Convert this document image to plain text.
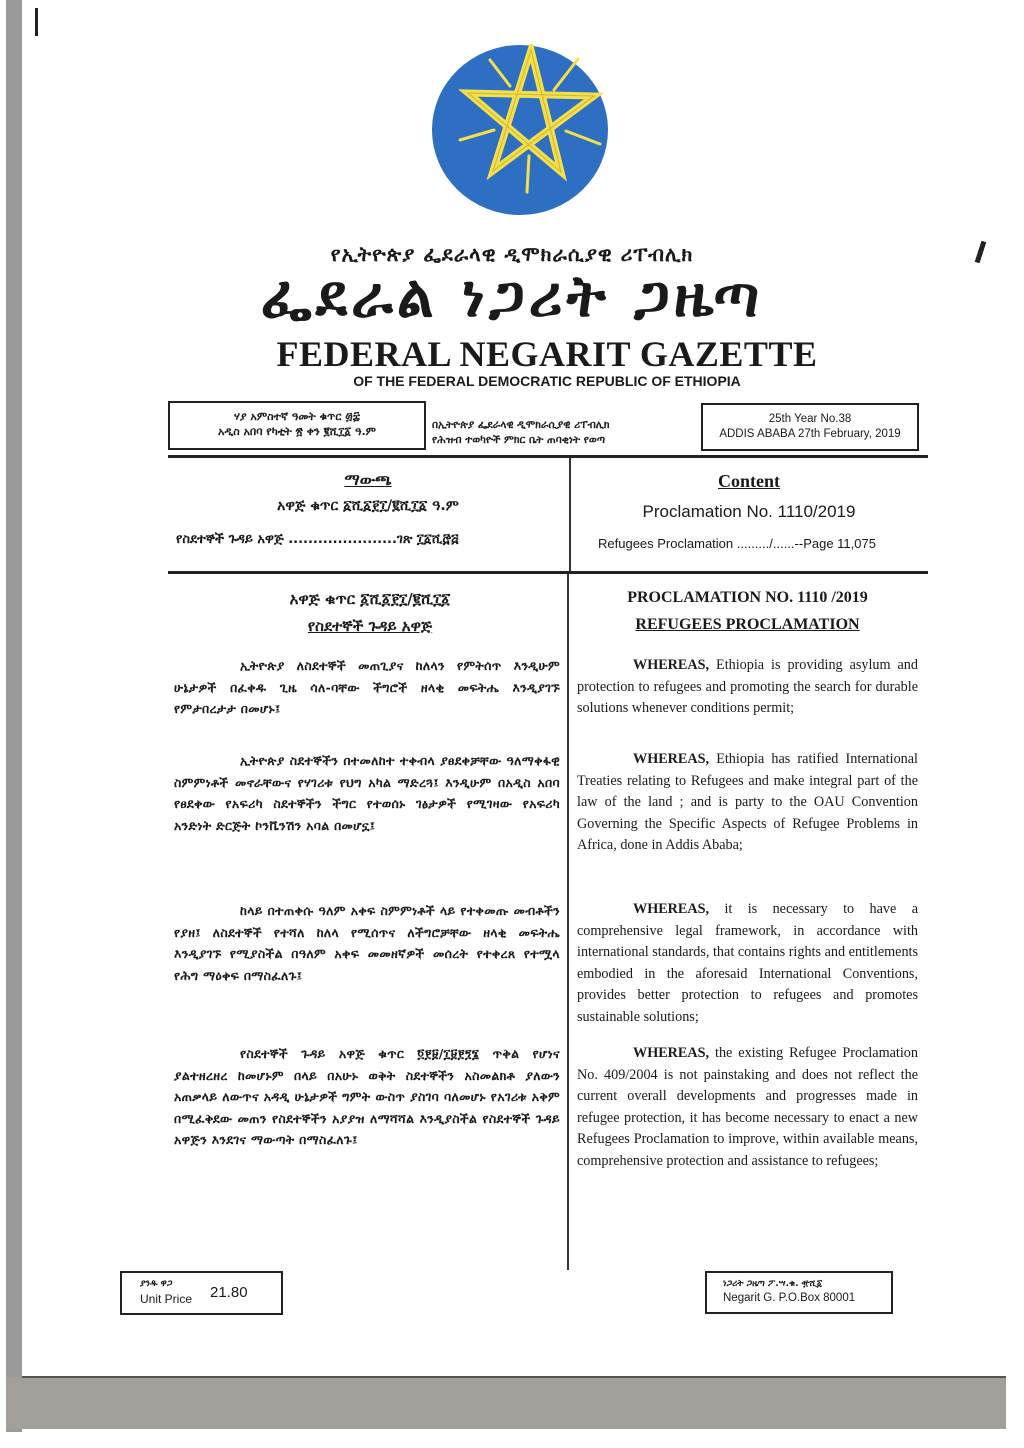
የኢትዮጵያ ፌደራላዊ ዲሞክራሲያዊ ሪፐብሊክ
ፌደራል ነጋሪት ጋዜጣ
FEDERAL NEGARIT GAZETTE
OF THE FEDERAL DEMOCRATIC REPUBLIC OF ETHIOPIA
ሃያ አምስተኛ ዓመት ቁጥር ፴፰
አዲስ አበባ የካቲት ፳ ቀን ፪ሺ፲፩ ዓ.ም	በኢትዮጵያ ፌደራላዊ ዲሞክራሲያዊ ሪፐብሊክ
የሕዝብ ተወካዮች ምክር ቤት ጠባቂነት የወጣ
25th Year No.38
ADDIS ABABA 27th February, 2019
ማውጫ
አዋጅ ቁጥር ፩ሺ፩፻፲/፪ሺ፲፩ ዓ.ም
የስደተኞች ጉዳይ አዋጅ ......................ገጽ ፲፩ሺ፸፭
Content
Proclamation No. 1110/2019
Refugees Proclamation ........./......--Page 11,075
አዋጅ ቁጥር ፩ሺ፩፻፲/፪ሺ፲፩
የስደተኞች ጉዳይ አዋጅ
ኢትዮጵያ ለስደተኞች መጠጊያና ከለላን የምትሰጥ እንዲሁም ሁኔታዎች በፈቀዱ ጊዜ ሳለ-ባቸው ችግሮች ዘላቂ መፍትሔ እንዲያገኙ የምታበረታታ በመሆኑ፤
ኢትዮጵያ ስደተኞችን በተመለከተ ተቀብላ ያፀደቀቻቸው ዓለማቀፋዊ ስምምነቶች መኖራቸውና የሃገሪቱ የህግ አካል ማድረጓ፤ እንዲሁም በአዲስ አበባ የፀደቀው የአፍሪካ ስደተኞችን ችግር የተወሰኑ ገፅታዎች የሚገዛው የአፍሪካ አንድነት ድርጅት ኮንቬንሽን አባል በመሆኗ፤
ከላይ በተጠቀሱ ዓለም አቀፍ ስምምነቶች ላይ የተቀመጡ መብቶችን የያዘ፤ ለስደተኞች የተሻለ ከለላ የሚሰጥና ለችግሮቻቸው ዘላቂ መፍትሔ እንዲያገኙ የሚያስችል በዓለም አቀፍ መመዘኛዎች መሰረት የተቀረጸ የተሟላ የሕግ ማዕቀፍ በማስፈለጉ፤
የስደተኞች ጉዳይ አዋጅ ቁጥር ፬፻፱/፲፱፻፺፮ ጥቅል የሆነና ያልተዘረዘረ ከመሆኑም በላይ በአሁኑ ወቅት ስደተኞችን አስመልክቶ ያለውን አጠቃላይ ለውጥና አዳዲ ሁኔታዎች ግምት ውስጥ ያስገባ ባለመሆኑ የአገሪቱ አቅም በሚፈቅደው መጠን የስደተኞችን አያያዝ ለማሻሻል እንዲያስችል የስደተኞች ጉዳይ አዋጅን እንደገና ማውጣት በማስፈለጉ፤
PROCLAMATION NO. 1110 /2019
REFUGEES PROCLAMATION
WHEREAS, Ethiopia is providing asylum and protection to refugees and promoting the search for durable solutions whenever conditions permit;
WHEREAS, Ethiopia has ratified International Treaties relating to Refugees and make integral part of the law of the land ; and is party to the OAU Convention Governing the Specific Aspects of Refugee Problems in Africa, done in Addis Ababa;
WHEREAS, it is necessary to have a comprehensive legal framework, in accordance with international standards, that contains rights and entitlements embodied in the aforesaid International Conventions, provides better protection to refugees and promotes sustainable solutions;
WHEREAS, the existing Refugee Proclamation No. 409/2004 is not painstaking and does not reflect the current overall developments and progresses made in refugee protection, it has become necessary to enact a new Refugees Proclamation to improve, within available means, comprehensive protection and assistance to refugees;
ያንዱ ዋጋ
Unit Price 21.80	ነጋሪት ጋዜጣ ፖ.ሣ.ቁ. ፹ሺ፩
Negarit G. P.O.Box 80001
